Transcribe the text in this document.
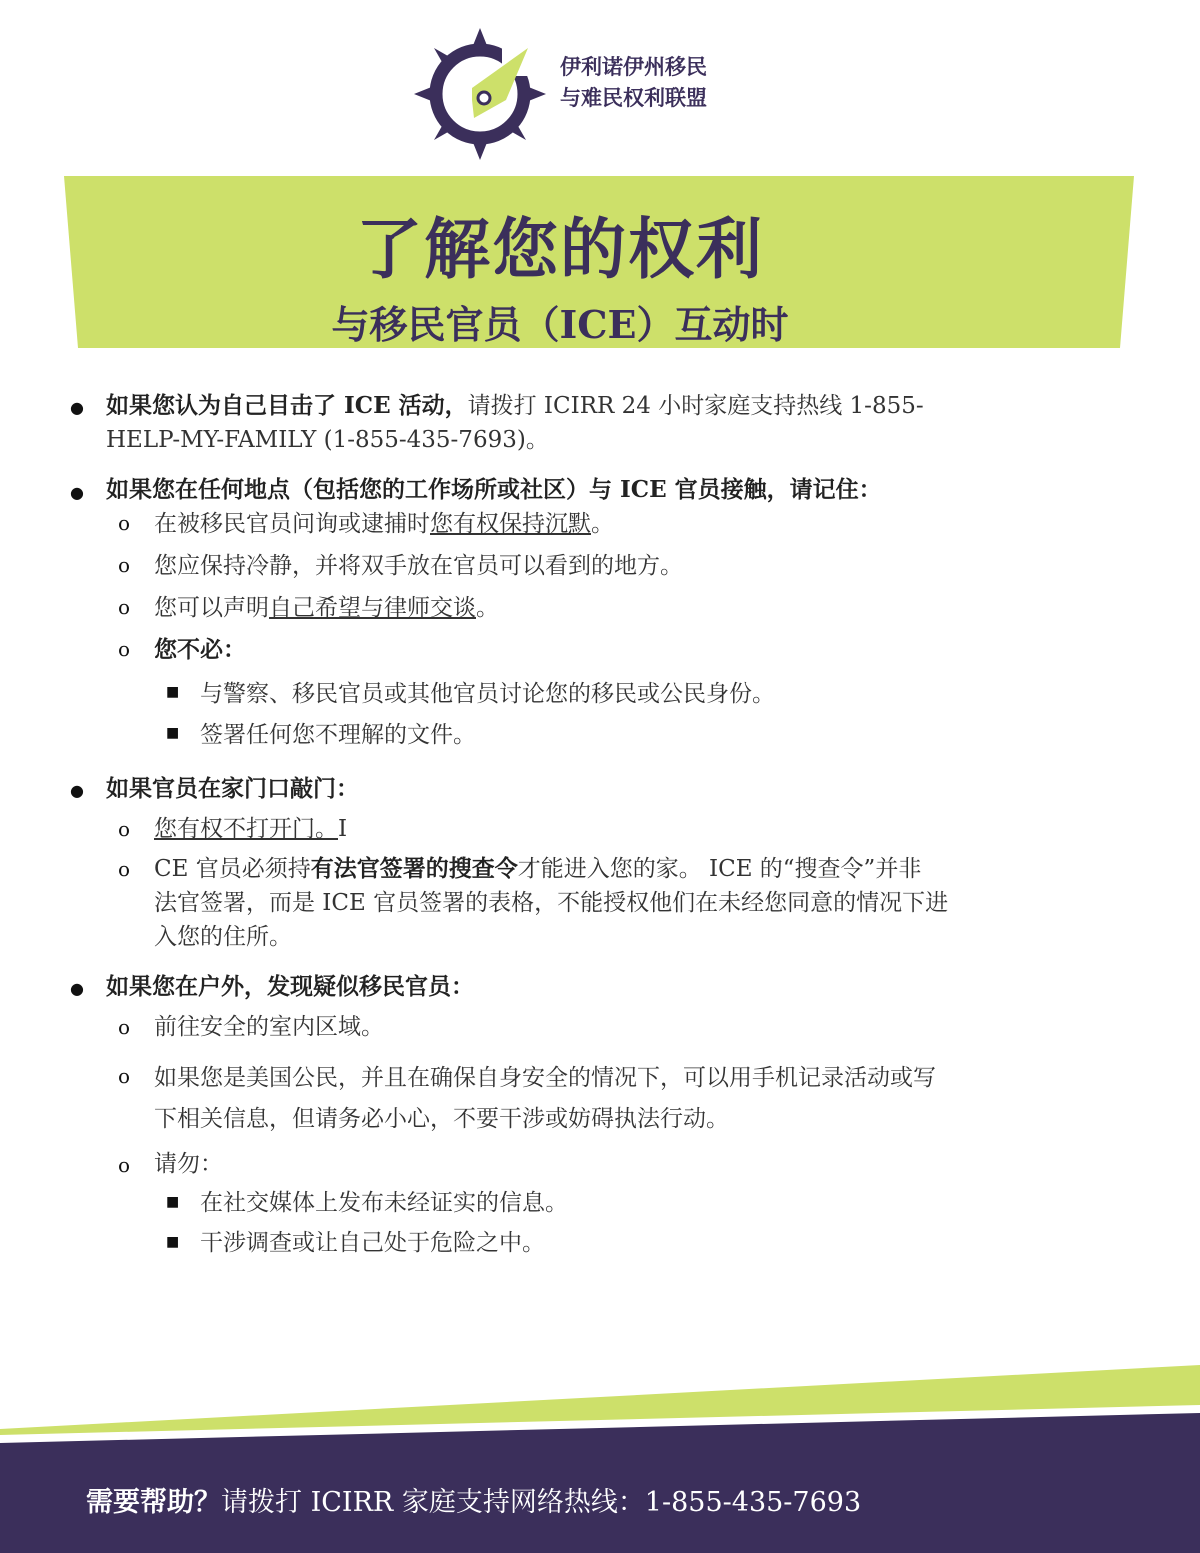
伊利诺伊州移民
与难民权利联盟
了解您的权利
与移民官员（ICE）互动时
● 如果您认为自己目击了 ICE 活动，请拨打 ICIRR 24 小时家庭支持热线 1-855-
HELP-MY-FAMILY (1-855-435-7693)。
● 如果您在任何地点（包括您的工作场所或社区）与 ICE 官员接触，请记住：
o 在被移民官员问询或逮捕时您有权保持沉默。
o 您应保持冷静，并将双手放在官员可以看到的地方。
o 您可以声明自己希望与律师交谈。
o 您不必：
■ 与警察、移民官员或其他官员讨论您的移民或公民身份。
■ 签署任何您不理解的文件。
● 如果官员在家门口敲门：
o 您有权不打开门。I
o CE 官员必须持有法官签署的搜查令才能进入您的家。 ICE 的“搜查令”并非
法官签署，而是 ICE 官员签署的表格，不能授权他们在未经您同意的情况下进
入您的住所。
● 如果您在户外，发现疑似移民官员：
o 前往安全的室内区域。
o 如果您是美国公民，并且在确保自身安全的情况下，可以用手机记录活动或写
下相关信息，但请务必小心，不要干涉或妨碍执法行动。
o 请勿：
■ 在社交媒体上发布未经证实的信息。
■ 干涉调查或让自己处于危险之中。
需要帮助？请拨打 ICIRR 家庭支持网络热线：1-855-435-7693
